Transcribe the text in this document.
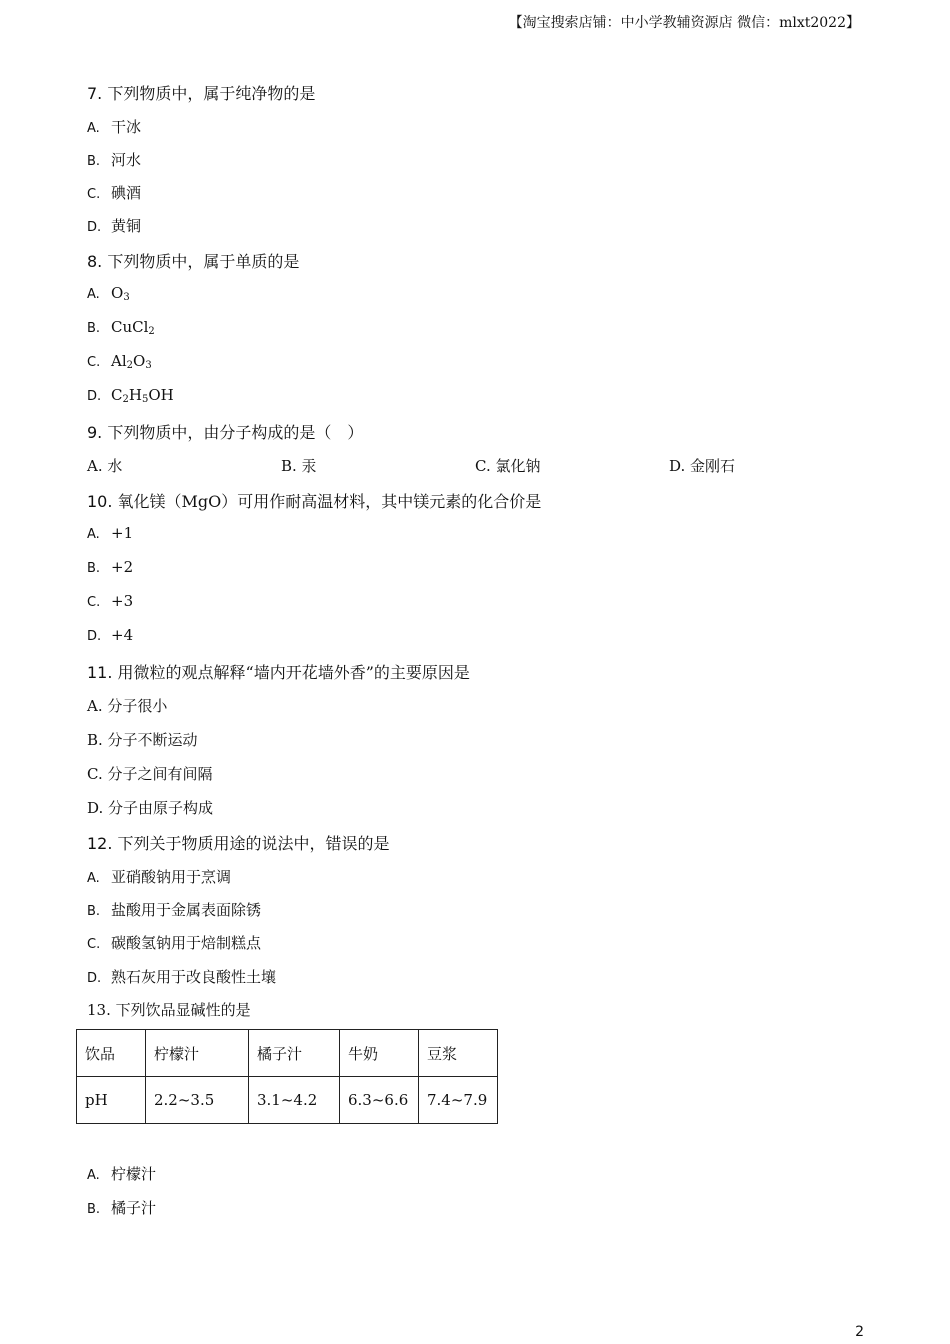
【淘宝搜索店铺：中小学教辅资源店 微信：mlxt2022】
7. 下列物质中，属于纯净物的是
A. 干冰
B. 河水
C. 碘酒
D. 黄铜
8. 下列物质中，属于单质的是
A. $O_3$
B. CuCl$_2$
C. $Al_2O_3$
D. $C_2H_5OH$
9. 下列物质中，由分子构成的是（　）
A. 水	B. 汞	C. 氯化钠	D. 金刚石
10. 氧化镁（MgO）可用作耐高温材料，其中镁元素的化合价是
A. +1
B. +2
C. +3
D. +4
11. 用微粒的观点解释“墙内开花墙外香”的主要原因是
A. 分子很小
B. 分子不断运动
C. 分子之间有间隔
D. 分子由原子构成
12. 下列关于物质用途的说法中，错误的是
A. 亚硝酸钠用于烹调
B. 盐酸用于金属表面除锈
C. 碳酸氢钠用于焙制糕点
D. 熟石灰用于改良酸性土壤
13. 下列饮品显碱性的是
饮品	柠檬汁	橘子汁	牛奶	豆浆
pH	2.2~3.5	3.1~4.2	6.3~6.6	7.4~7.9
A. 柠檬汁
B. 橘子汁
2
